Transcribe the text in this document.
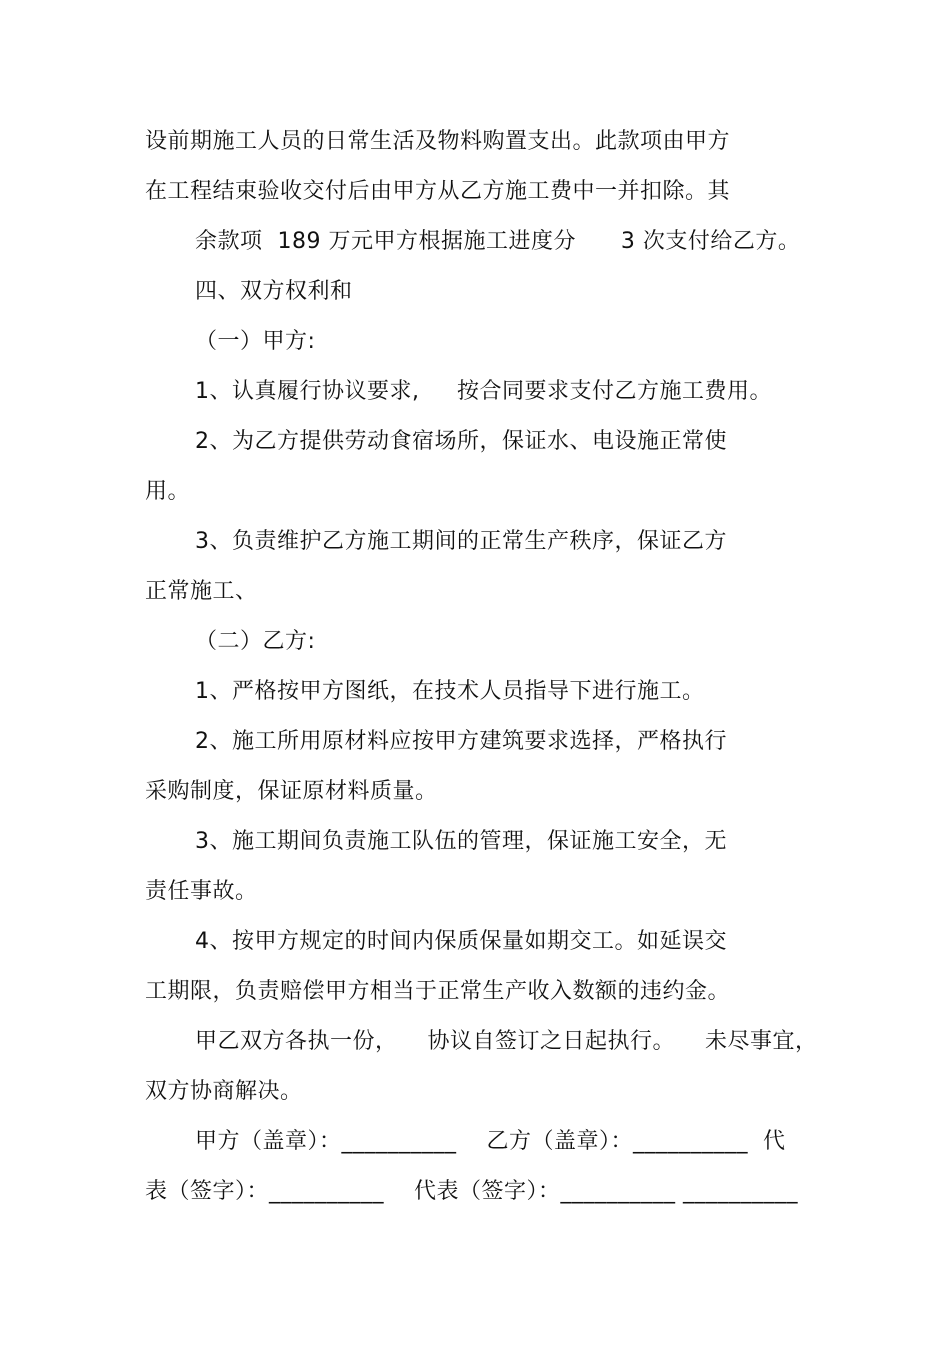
设前期施工人员的日常生活及物料购置支出。此款项由甲方
在工程结束验收交付后由甲方从乙方施工费中一并扣除。其
余款项  189 万元甲方根据施工进度分      3 次支付给乙方。
四、双方权利和
（一）甲方:
1、认真履行协议要求,     按合同要求支付乙方施工费用。
2、为乙方提供劳动食宿场所，保证水、电设施正常使
用。
3、负责维护乙方施工期间的正常生产秩序，保证乙方
正常施工、
（二）乙方:
1、严格按甲方图纸，在技术人员指导下进行施工。
2、施工所用原材料应按甲方建筑要求选择，严格执行
采购制度，保证原材料质量。
3、施工期间负责施工队伍的管理，保证施工安全，无
责任事故。
4、按甲方规定的时间内保质保量如期交工。如延误交
工期限，负责赔偿甲方相当于正常生产收入数额的违约金。
甲乙双方各执一份，    协议自签订之日起执行。    未尽事宜，
双方协商解决。
甲方（盖章）：__________    乙方（盖章）：__________  代
表（签字）：__________    代表（签字）：__________ __________
